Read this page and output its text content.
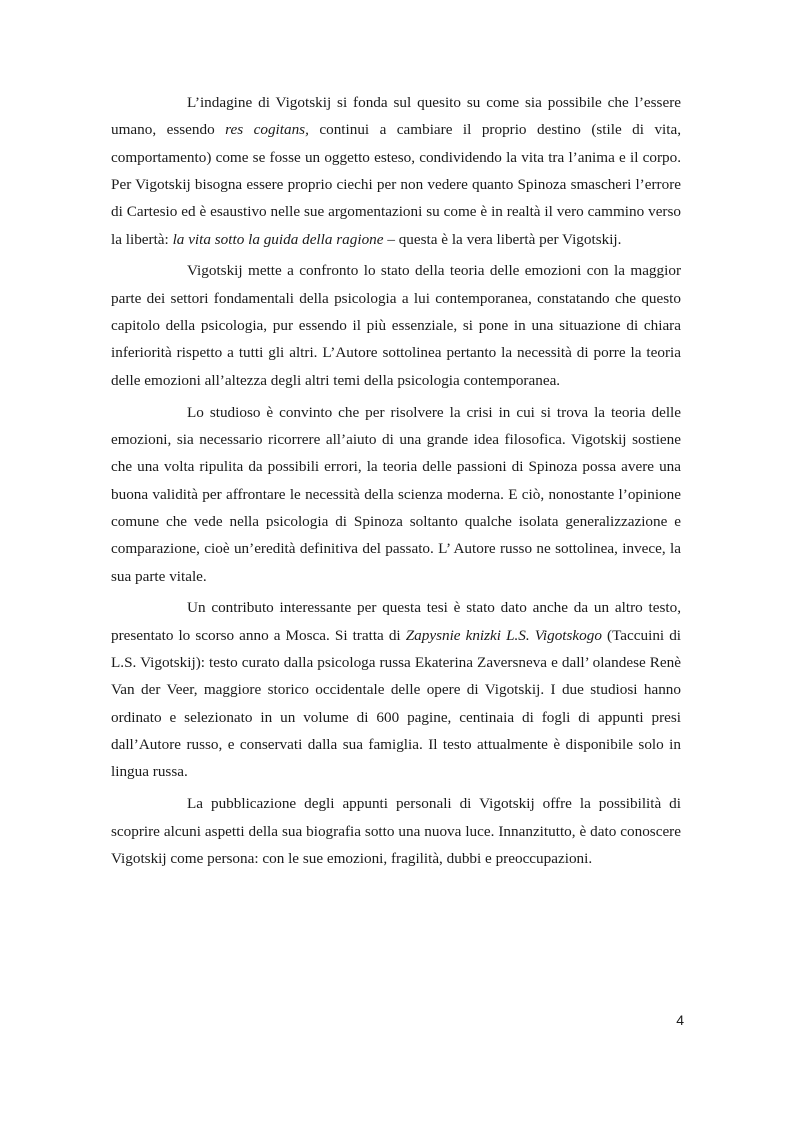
L’indagine di Vigotskij si fonda sul quesito su come sia possibile che l’essere umano, essendo res cogitans, continui a cambiare il proprio destino (stile di vita, comportamento) come se fosse un oggetto esteso, condividendo la vita tra l’anima e il corpo. Per Vigotskij bisogna essere proprio ciechi per non vedere quanto Spinoza smascheri l’errore di Cartesio ed è esaustivo nelle sue argomentazioni su come è in realtà il vero cammino verso la libertà: la vita sotto la guida della ragione – questa è la vera libertà per Vigotskij.

Vigotskij mette a confronto lo stato della teoria delle emozioni con la maggior parte dei settori fondamentali della psicologia a lui contemporanea, constatando che questo capitolo della psicologia, pur essendo il più essenziale, si pone in una situazione di chiara inferiorità rispetto a tutti gli altri. L’Autore sottolinea pertanto la necessità di porre la teoria delle emozioni all’altezza degli altri temi della psicologia contemporanea.

Lo studioso è convinto che per risolvere la crisi in cui si trova la teoria delle emozioni, sia necessario ricorrere all’aiuto di una grande idea filosofica. Vigotskij sostiene che una volta ripulita da possibili errori, la teoria delle passioni di Spinoza possa avere una buona validità per affrontare le necessità della scienza moderna. E ciò, nonostante l’opinione comune che vede nella psicologia di Spinoza soltanto qualche isolata generalizzazione e comparazione, cioè un’eredità definitiva del passato. L’ Autore russo ne sottolinea, invece, la sua parte vitale.

Un contributo interessante per questa tesi è stato dato anche da un altro testo, presentato lo scorso anno a Mosca. Si tratta di Zapysnie knizki L.S. Vigotskogo (Taccuini di L.S. Vigotskij): testo curato dalla psicologa russa Ekaterina Zaversneva e dall’ olandese Renè Van der Veer, maggiore storico occidentale delle opere di Vigotskij. I due studiosi hanno ordinato e selezionato in un volume di 600 pagine, centinaia di fogli di appunti presi dall’Autore russo, e conservati dalla sua famiglia. Il testo attualmente è disponibile solo in lingua russa.

La pubblicazione degli appunti personali di Vigotskij offre la possibilità di scoprire alcuni aspetti della sua biografia sotto una nuova luce. Innanzitutto, è dato conoscere Vigotskij come persona: con le sue emozioni, fragilità, dubbi e preoccupazioni.

4
